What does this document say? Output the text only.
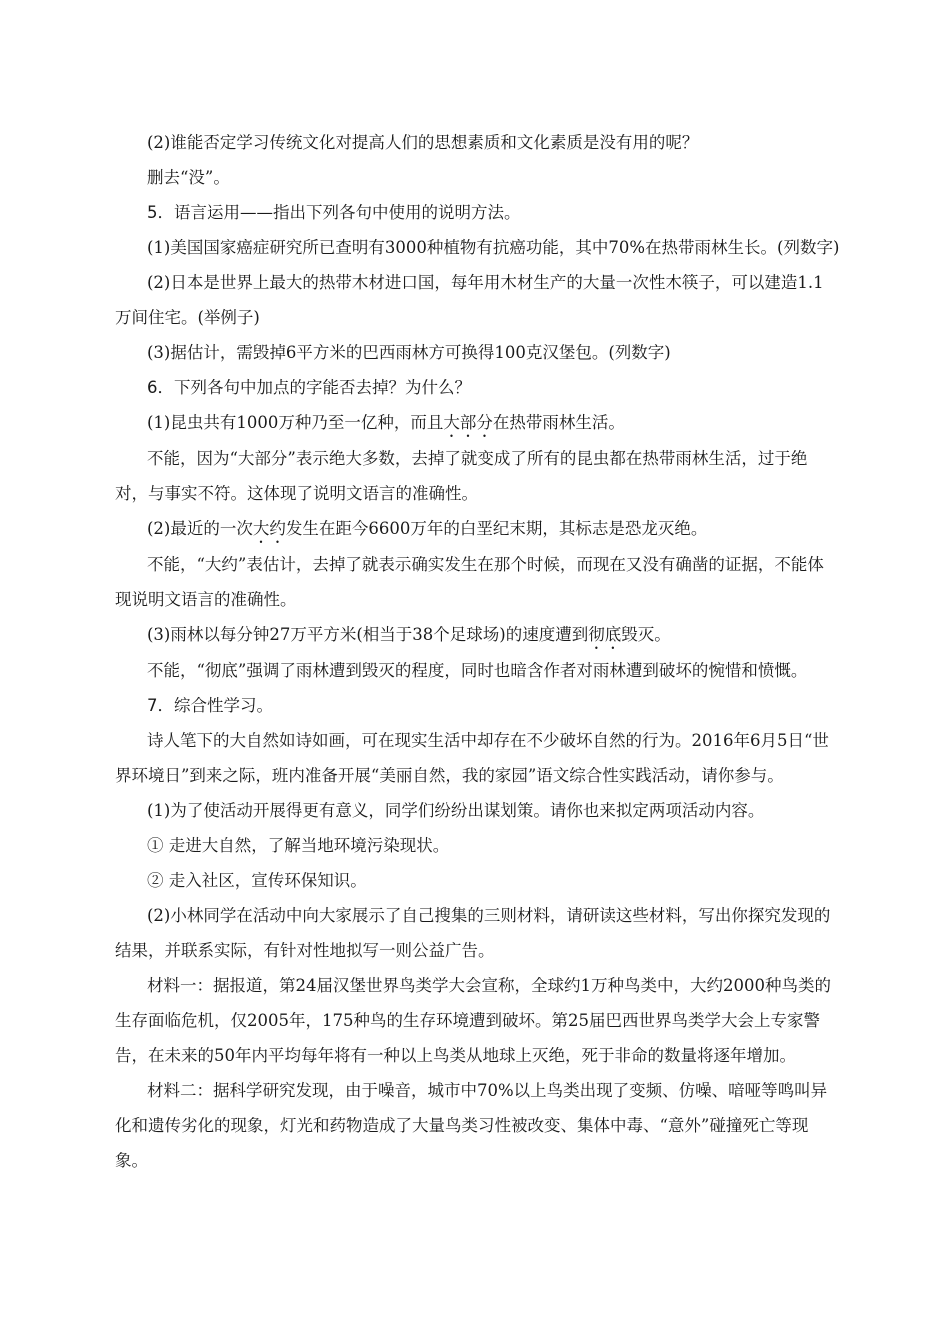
(2)谁能否定学习传统文化对提高人们的思想素质和文化素质是没有用的呢？

删去“没”。

5．语言运用——指出下列各句中使用的说明方法。

(1)美国国家癌症研究所已查明有3000种植物有抗癌功能，其中70%在热带雨林生长。(列数字)

(2)日本是世界上最大的热带木材进口国，每年用木材生产的大量一次性木筷子，可以建造1.1万间住宅。(举例子)

(3)据估计，需毁掉6平方米的巴西雨林方可换得100克汉堡包。(列数字)

6．下列各句中加点的字能否去掉？为什么？

(1)昆虫共有1000万种乃至一亿种，而且大部分在热带雨林生活。

不能，因为“大部分”表示绝大多数，去掉了就变成了所有的昆虫都在热带雨林生活，过于绝对，与事实不符。这体现了说明文语言的准确性。

(2)最近的一次大约发生在距今6600万年的白垩纪末期，其标志是恐龙灭绝。

不能，“大约”表估计，去掉了就表示确实发生在那个时候，而现在又没有确凿的证据，不能体现说明文语言的准确性。

(3)雨林以每分钟27万平方米(相当于38个足球场)的速度遭到彻底毁灭。

不能，“彻底”强调了雨林遭到毁灭的程度，同时也暗含作者对雨林遭到破坏的惋惜和愤慨。

7．综合性学习。

诗人笔下的大自然如诗如画，可在现实生活中却存在不少破坏自然的行为。2016年6月5日“世界环境日”到来之际，班内准备开展“美丽自然，我的家园”语文综合性实践活动，请你参与。

(1)为了使活动开展得更有意义，同学们纷纷出谋划策。请你也来拟定两项活动内容。

① 走进大自然，了解当地环境污染现状。

② 走入社区，宣传环保知识。

(2)小林同学在活动中向大家展示了自己搜集的三则材料，请研读这些材料，写出你探究发现的结果，并联系实际，有针对性地拟写一则公益广告。

材料一：据报道，第24届汉堡世界鸟类学大会宣称，全球约1万种鸟类中，大约2000种鸟类的生存面临危机，仅2005年，175种鸟的生存环境遭到破坏。第25届巴西世界鸟类学大会上专家警告，在未来的50年内平均每年将有一种以上鸟类从地球上灭绝，死于非命的数量将逐年增加。

材料二：据科学研究发现，由于噪音，城市中70%以上鸟类出现了变频、仿噪、喑哑等鸣叫异化和遗传劣化的现象，灯光和药物造成了大量鸟类习性被改变、集体中毒、“意外”碰撞死亡等现象。
